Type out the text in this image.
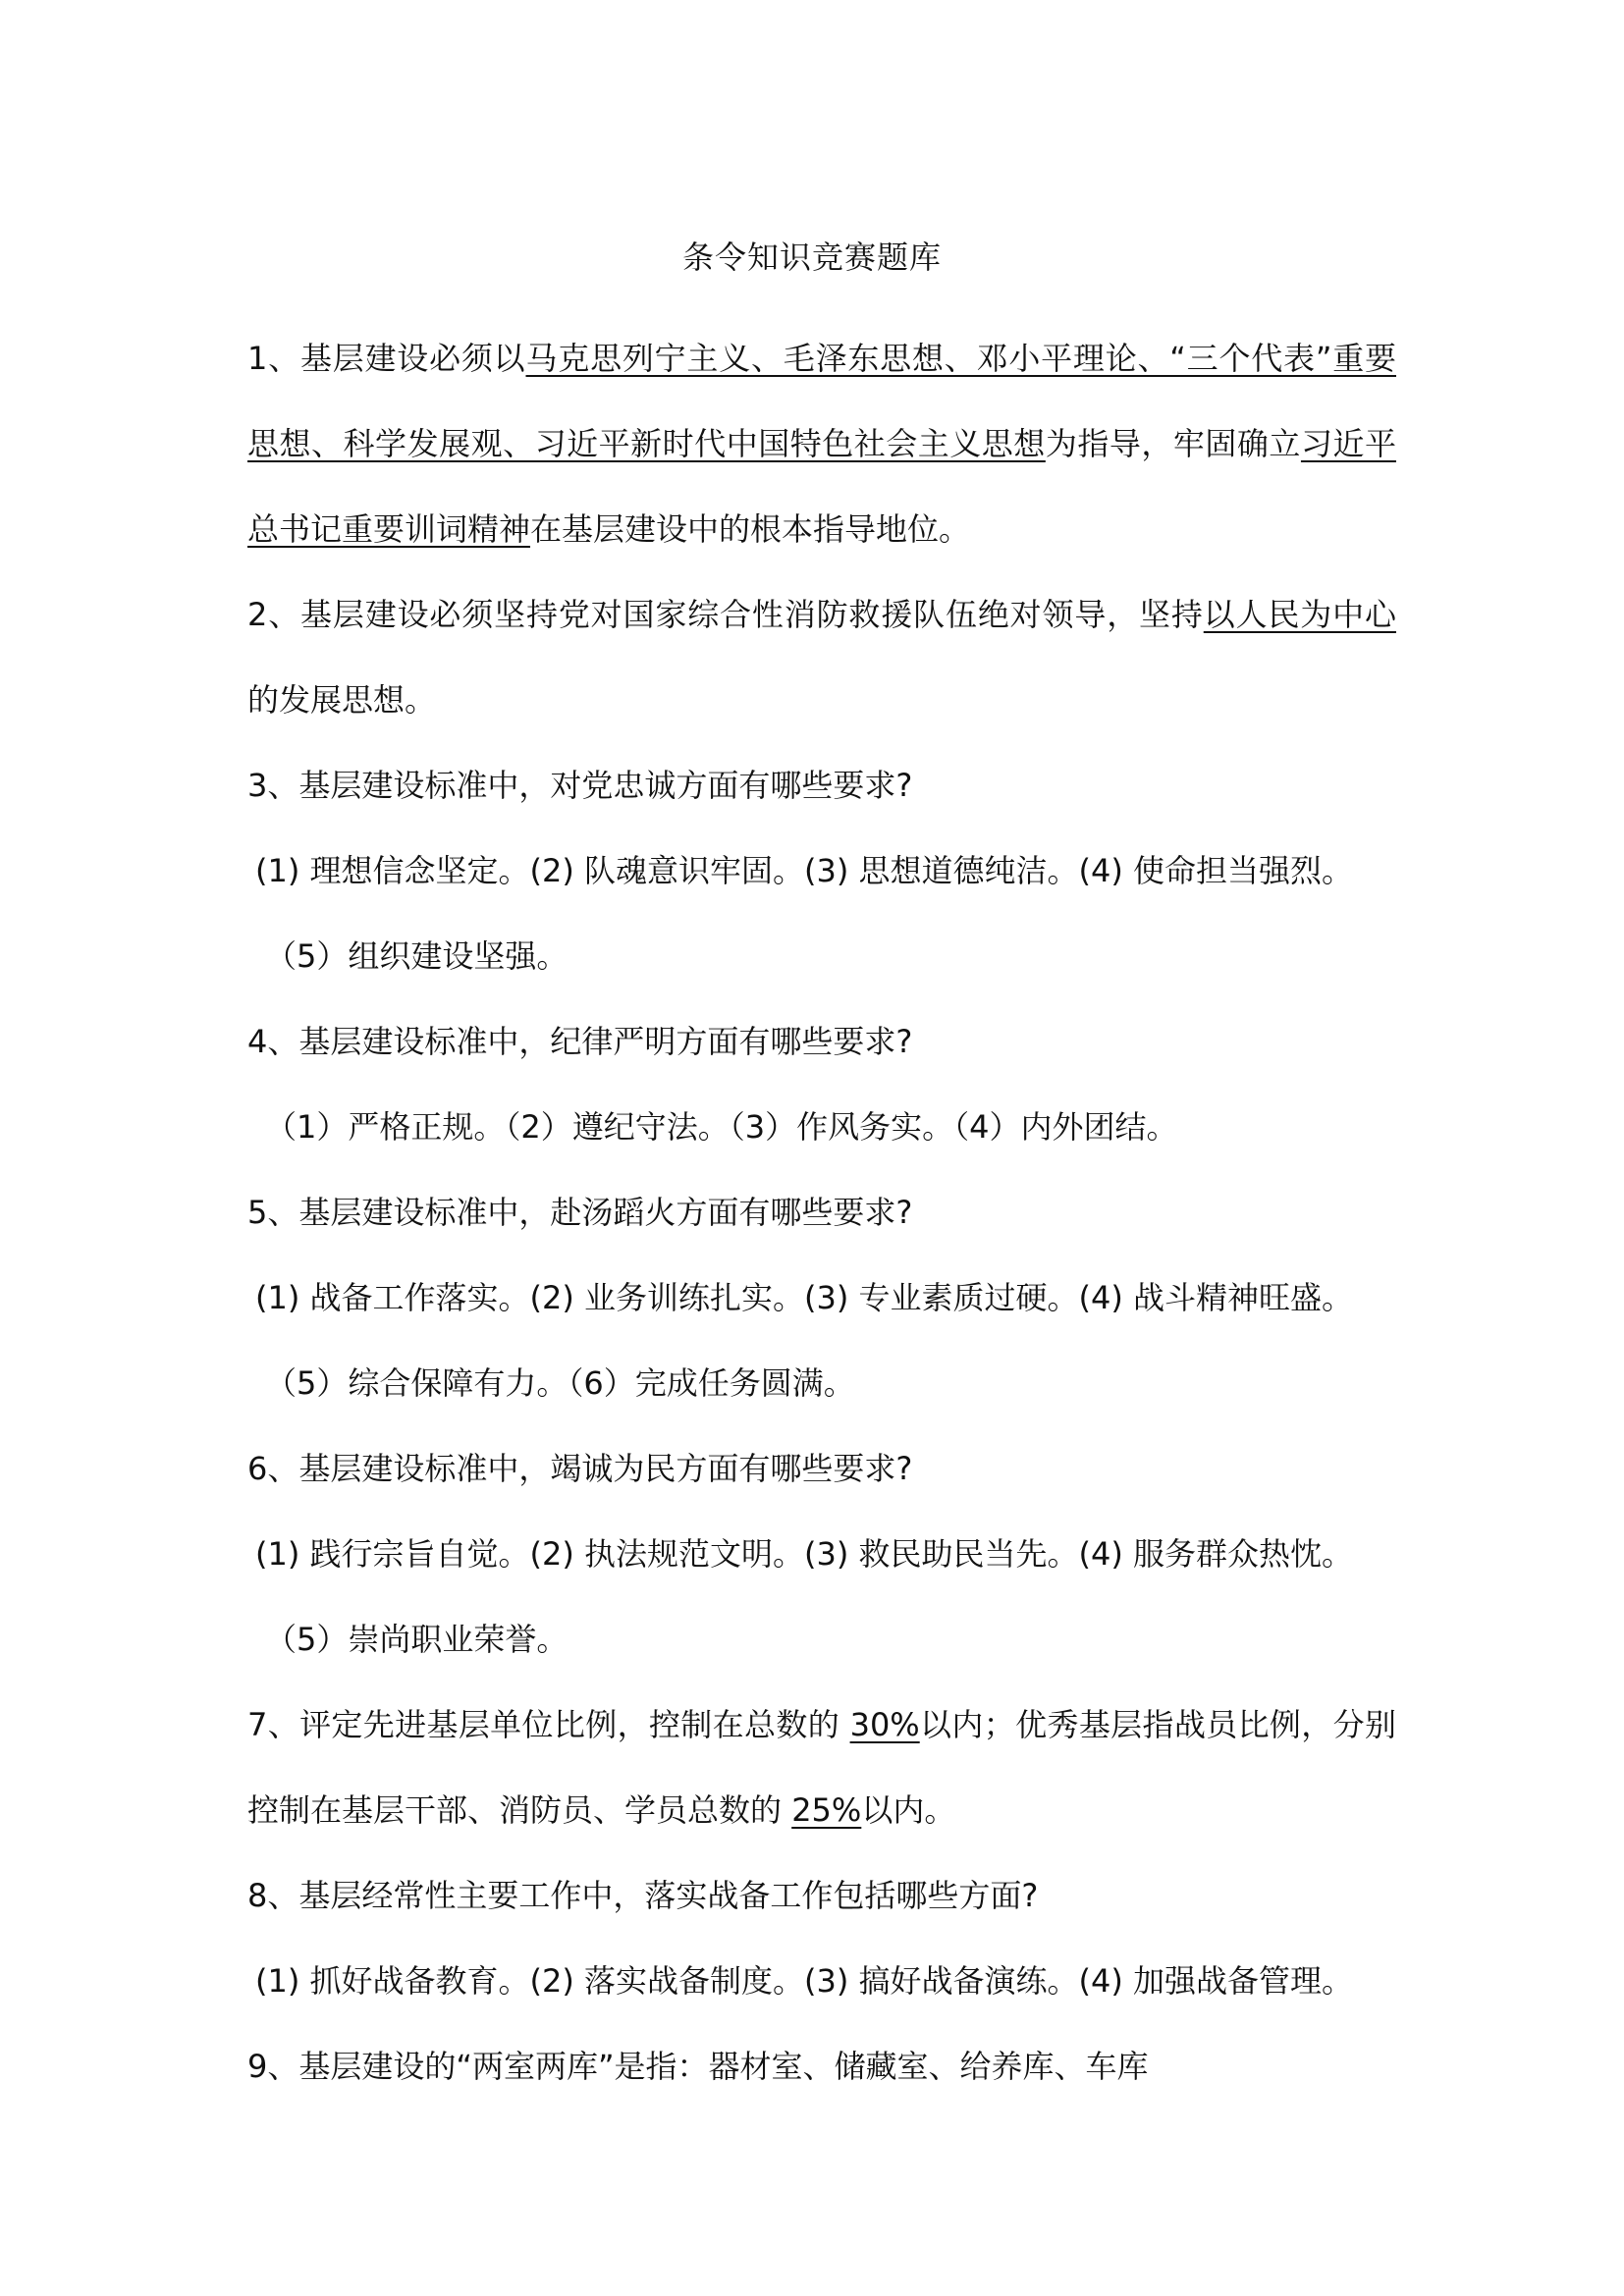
条令知识竞赛题库

1、基层建设必须以马克思列宁主义、毛泽东思想、邓小平理论、“三个代表”重要思想、科学发展观、习近平新时代中国特色社会主义思想为指导，牢固确立习近平总书记重要训词精神在基层建设中的根本指导地位。

2、基层建设必须坚持党对国家综合性消防救援队伍绝对领导，坚持以人民为中心的发展思想。

3、基层建设标准中，对党忠诚方面有哪些要求?

(1) 理想信念坚定。(2) 队魂意识牢固。(3) 思想道德纯洁。(4) 使命担当强烈。

（5）组织建设坚强。

4、基层建设标准中，纪律严明方面有哪些要求?

（1）严格正规。（2）遵纪守法。（3）作风务实。（4）内外团结。

5、基层建设标准中，赴汤蹈火方面有哪些要求?

(1) 战备工作落实。(2) 业务训练扎实。(3) 专业素质过硬。(4) 战斗精神旺盛。

（5）综合保障有力。（6）完成任务圆满。

6、基层建设标准中，竭诚为民方面有哪些要求?

(1) 践行宗旨自觉。(2) 执法规范文明。(3) 救民助民当先。(4) 服务群众热忱。

（5）崇尚职业荣誉。

7、评定先进基层单位比例，控制在总数的 30%以内；优秀基层指战员比例，分别控制在基层干部、消防员、学员总数的 25%以内。

8、基层经常性主要工作中，落实战备工作包括哪些方面?

(1) 抓好战备教育。(2) 落实战备制度。(3) 搞好战备演练。(4) 加强战备管理。

9、基层建设的“两室两库”是指：器材室、储藏室、给养库、车库
